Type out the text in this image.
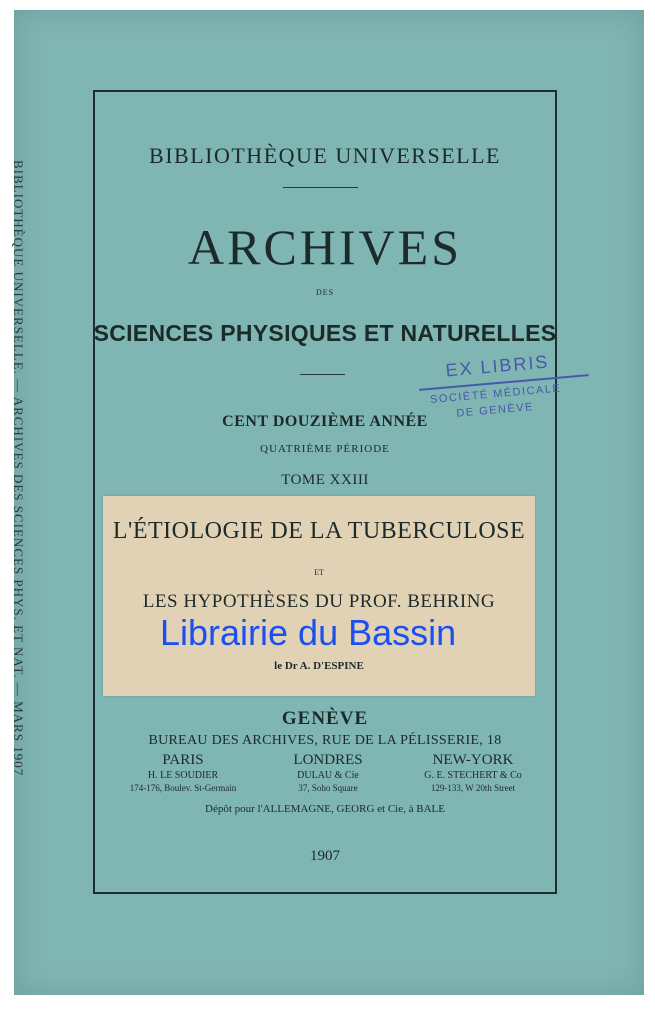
BIBLIOTHÈQUE UNIVERSELLE. — ARCHIVES DES SCIENCES PHYS. ET NAT. — MARS 1907
BIBLIOTHÈQUE UNIVERSELLE
ARCHIVES
DES
SCIENCES PHYSIQUES ET NATURELLES
CENT DOUZIÈME ANNÉE
QUATRIÈME PÉRIODE
TOME XXIII
EX LIBRIS
SOCIÉTÉ MÉDICALE
DE GENÈVE
L'ÉTIOLOGIE DE LA TUBERCULOSE
ET
LES HYPOTHÈSES DU PROF. BEHRING
le Dr A. D'ESPINE
Librairie du Bassin
GENÈVE
BUREAU DES ARCHIVES, RUE DE LA PÉLISSERIE, 18
PARIS
H. LE SOUDIER
174-176, Boulev. St-Germain
LONDRES
DULAU & Cie
37, Soho Square
NEW-YORK
G. E. STECHERT & Co
129-133, W 20th Street
Dépôt pour l'ALLEMAGNE, GEORG et Cie, à BALE
1907
